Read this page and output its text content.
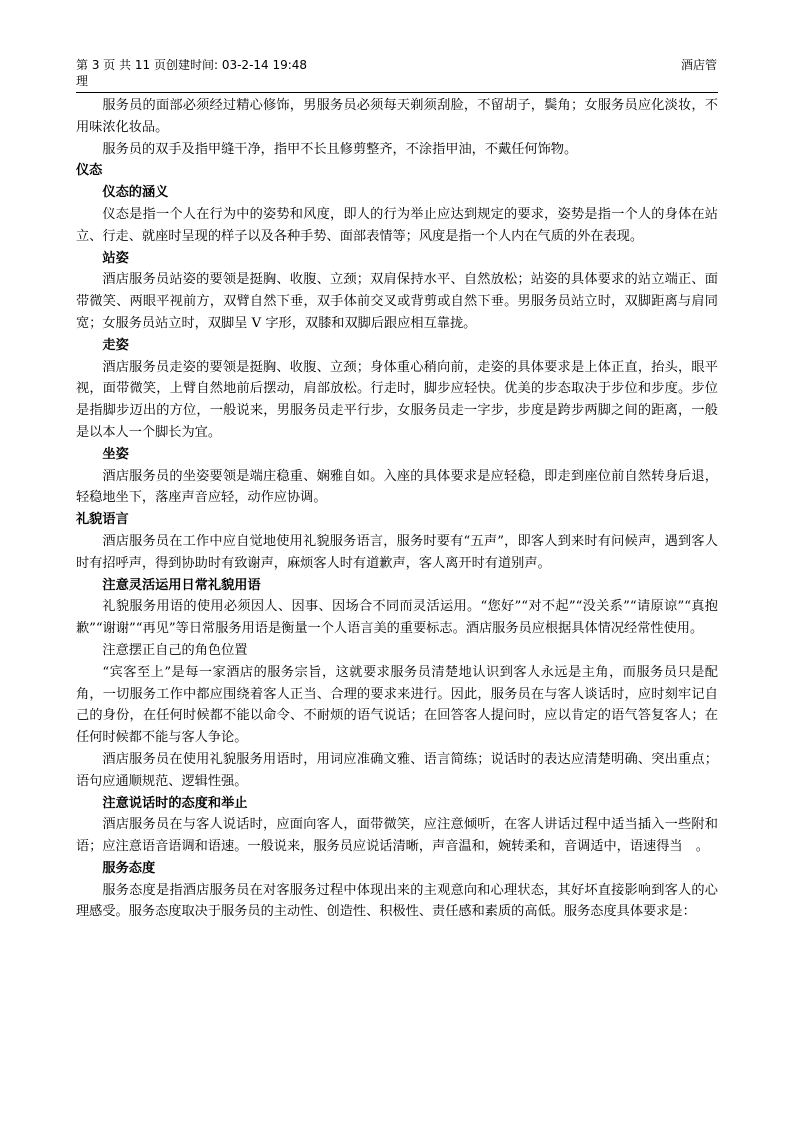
第 3 页 共 11 页创建时间: 03-2-14 19:48
理
酒店管

服务员的面部必须经过精心修饰，男服务员必须每天剃须刮脸，不留胡子，鬓角；女服务员应化淡妆，不用味浓化妆品。

服务员的双手及指甲缝干净，指甲不长且修剪整齐，不涂指甲油，不戴任何饰物。

仪态

仪态的涵义

仪态是指一个人在行为中的姿势和风度，即人的行为举止应达到规定的要求，姿势是指一个人的身体在站立、行走、就座时呈现的样子以及各种手势、面部表情等；风度是指一个人内在气质的外在表现。

站姿

酒店服务员站姿的要领是挺胸、收腹、立颈；双肩保持水平、自然放松；站姿的具体要求的站立端正、面带微笑、两眼平视前方，双臂自然下垂，双手体前交叉或背剪或自然下垂。男服务员站立时，双脚距离与肩同宽；女服务员站立时，双脚呈 V 字形，双膝和双脚后跟应相互靠拢。

走姿

酒店服务员走姿的要领是挺胸、收腹、立颈；身体重心稍向前，走姿的具体要求是上体正直，抬头，眼平视，面带微笑，上臂自然地前后摆动，肩部放松。行走时，脚步应轻快。优美的步态取决于步位和步度。步位是指脚步迈出的方位，一般说来，男服务员走平行步，女服务员走一字步，步度是跨步两脚之间的距离，一般是以本人一个脚长为宜。

坐姿

酒店服务员的坐姿要领是端庄稳重、娴雅自如。入座的具体要求是应轻稳，即走到座位前自然转身后退，轻稳地坐下，落座声音应轻，动作应协调。

礼貌语言

酒店服务员在工作中应自觉地使用礼貌服务语言，服务时要有“五声”，即客人到来时有问候声，遇到客人时有招呼声，得到协助时有致谢声，麻烦客人时有道歉声，客人离开时有道别声。

注意灵活运用日常礼貌用语

礼貌服务用语的使用必须因人、因事、因场合不同而灵活运用。“您好”“对不起”“没关系”“请原谅”“真抱歉”“谢谢”“再见”等日常服务用语是衡量一个人语言美的重要标志。酒店服务员应根据具体情况经常性使用。

注意摆正自己的角色位置

“宾客至上”是每一家酒店的服务宗旨，这就要求服务员清楚地认识到客人永远是主角，而服务员只是配角，一切服务工作中都应围绕着客人正当、合理的要求来进行。因此，服务员在与客人谈话时，应时刻牢记自己的身份，在任何时候都不能以命令、不耐烦的语气说话；在回答客人提问时，应以肯定的语气答复客人；在任何时候都不能与客人争论。

酒店服务员在使用礼貌服务用语时，用词应准确文雅、语言简练；说话时的表达应清楚明确、突出重点；语句应通顺规范、逻辑性强。

注意说话时的态度和举止

酒店服务员在与客人说话时，应面向客人，面带微笑，应注意倾听，在客人讲话过程中适当插入一些附和语；应注意语音语调和语速。一般说来，服务员应说话清晰，声音温和，婉转柔和，音调适中，语速得当　。

服务态度

服务态度是指酒店服务员在对客服务过程中体现出来的主观意向和心理状态，其好坏直接影响到客人的心理感受。服务态度取决于服务员的主动性、创造性、积极性、责任感和素质的高低。服务态度具体要求是：
